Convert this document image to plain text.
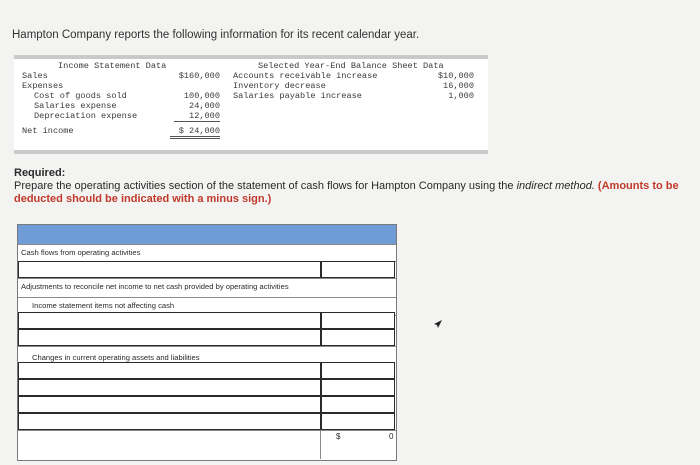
Hampton Company reports the following information for its recent calendar year.
Income Statement Data	Selected Year-End Balance Sheet Data
Sales	$160,000
Expenses
Cost of goods sold	100,000
Salaries expense	24,000
Depreciation expense	12,000
Net income	$ 24,000
Accounts receivable increase	$10,000
Inventory decrease	16,000
Salaries payable increase	1,000
Required:
Prepare the operating activities section of the statement of cash flows for Hampton Company using the indirect method. (Amounts to be deducted should be indicated with a minus sign.)
Cash flows from operating activities
Adjustments to reconcile net income to net cash provided by operating activities
Income statement items not affecting cash
Changes in current operating assets and liabilities
$	0
